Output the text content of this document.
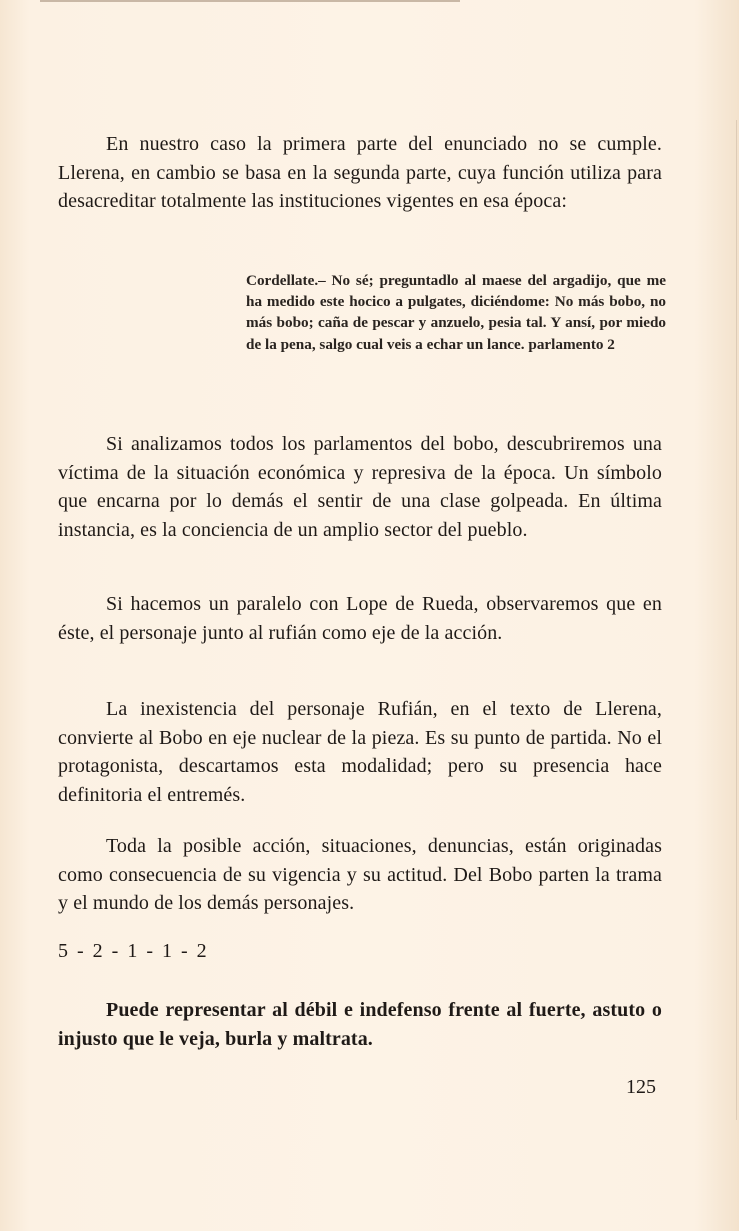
En nuestro caso la primera parte del enunciado no se cumple. Llerena, en cambio se basa en la segunda parte, cuya función utiliza para desacreditar totalmente las instituciones vigentes en esa época:

Cordellate.– No sé; preguntadlo al maese del argadijo, que me ha medido este hocico a pulgates, diciéndome: No más bobo, no más bobo; caña de pescar y anzuelo, pesia tal. Y ansí, por miedo de la pena, salgo cual veis a echar un lance. parlamento 2

Si analizamos todos los parlamentos del bobo, descubriremos una víctima de la situación económica y represiva de la época. Un símbolo que encarna por lo demás el sentir de una clase golpeada. En última instancia, es la conciencia de un amplio sector del pueblo.

Si hacemos un paralelo con Lope de Rueda, observaremos que en éste, el personaje junto al rufián como eje de la acción.

La inexistencia del personaje Rufián, en el texto de Llerena, convierte al Bobo en eje nuclear de la pieza. Es su punto de partida. No el protagonista, descartamos esta modalidad; pero su presencia hace definitoria el entremés.

Toda la posible acción, situaciones, denuncias, están originadas como consecuencia de su vigencia y su actitud. Del Bobo parten la trama y el mundo de los demás personajes.

5 - 2 - 1 - 1 - 2

Puede representar al débil e indefenso frente al fuerte, astuto o injusto que le veja, burla y maltrata.

125
